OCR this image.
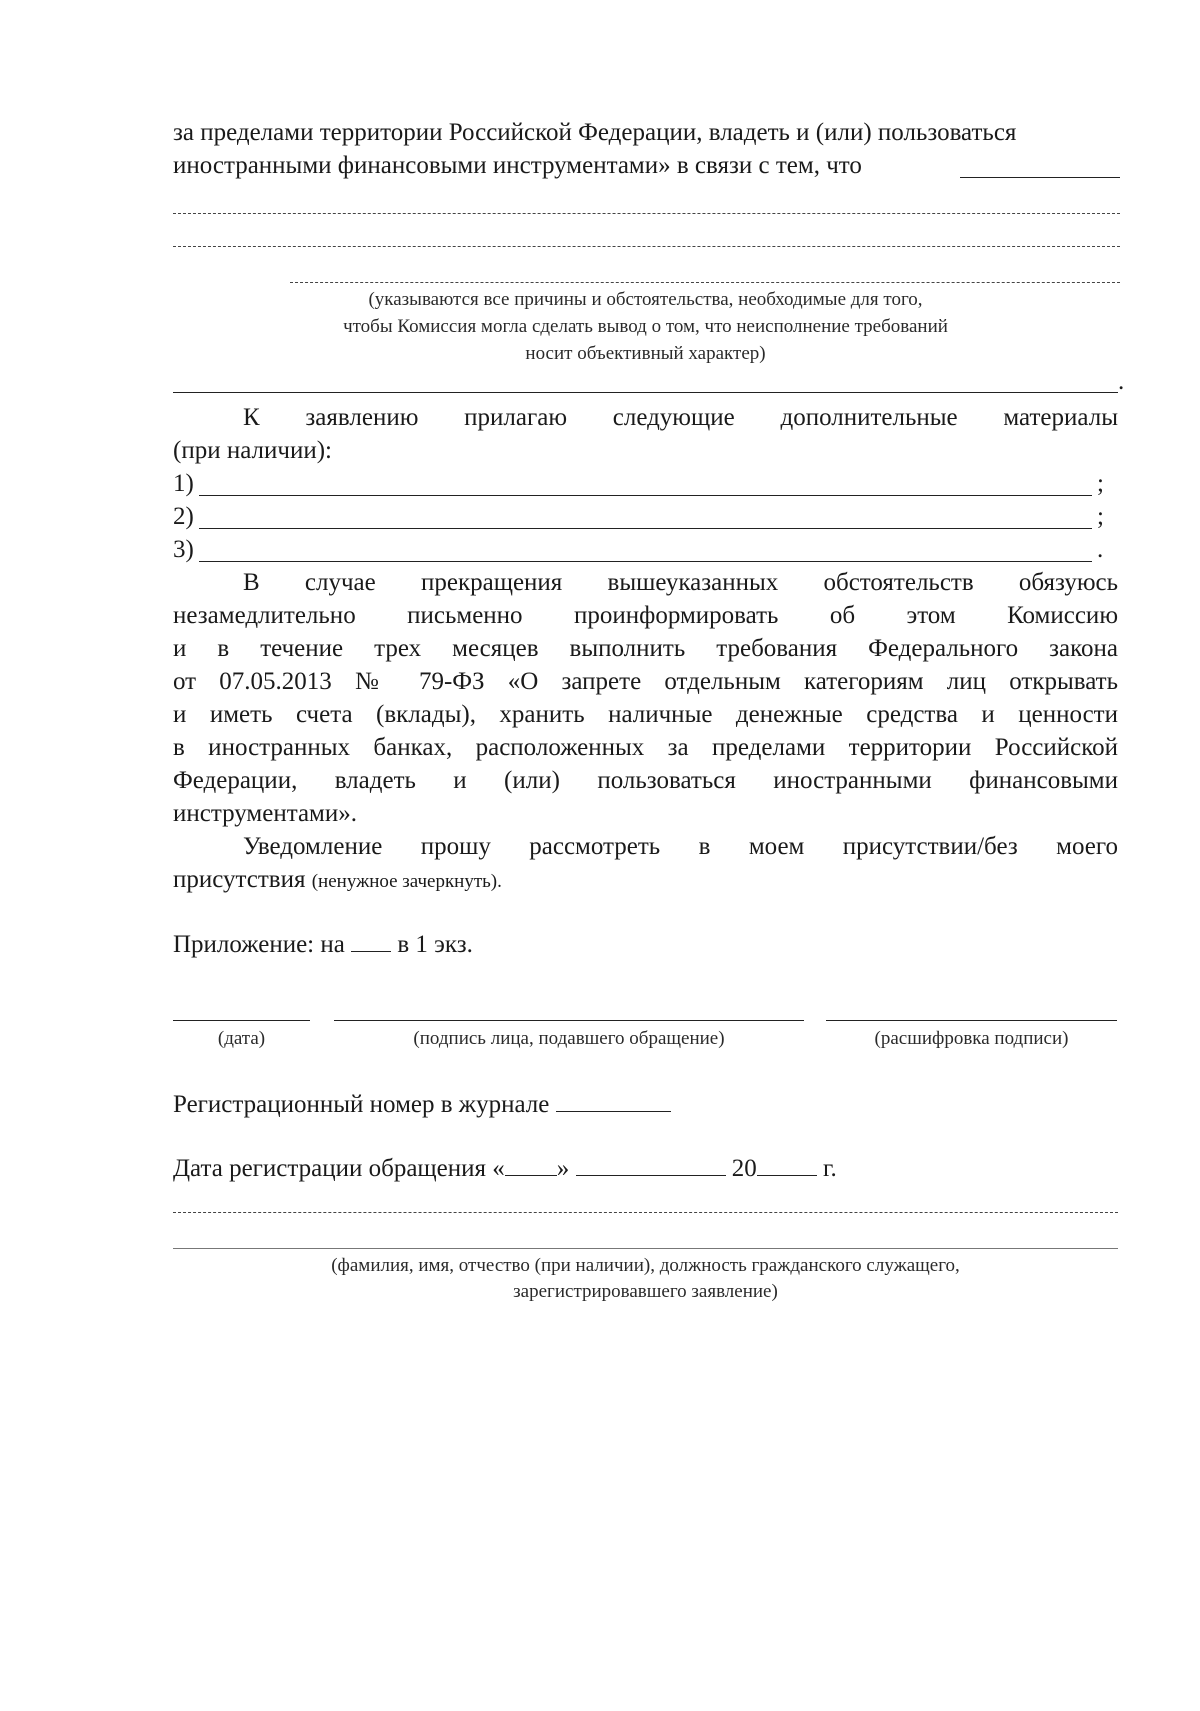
за пределами территории Российской Федерации, владеть и (или) пользоваться
иностранными финансовыми инструментами» в связи с тем, что
(указываются все причины и обстоятельства, необходимые для того,
чтобы Комиссия могла сделать вывод о том, что неисполнение требований
носит объективный характер)
.
К заявлению прилагаю следующие дополнительные материалы
(при наличии):
1)	;
2)	;
3)	.
В случае прекращения вышеуказанных обстоятельств обязуюсь
незамедлительно письменно проинформировать об этом Комиссию
и в течение трех месяцев выполнить требования Федерального закона
от 07.05.2013 № 79-ФЗ «О запрете отдельным категориям лиц открывать
и иметь счета (вклады), хранить наличные денежные средства и ценности
в иностранных банках, расположенных за пределами территории Российской
Федерации, владеть и (или) пользоваться иностранными финансовыми
инструментами».
Уведомление прошу рассмотреть в моем присутствии/без моего
присутствия (ненужное зачеркнуть).
Приложение: на в 1 экз.
(дата)	(подпись лица, подавшего обращение)	(расшифровка подписи)
Регистрационный номер в журнале
Дата регистрации обращения « »	20	г.
(фамилия, имя, отчество (при наличии), должность гражданского служащего,
зарегистрировавшего заявление)
